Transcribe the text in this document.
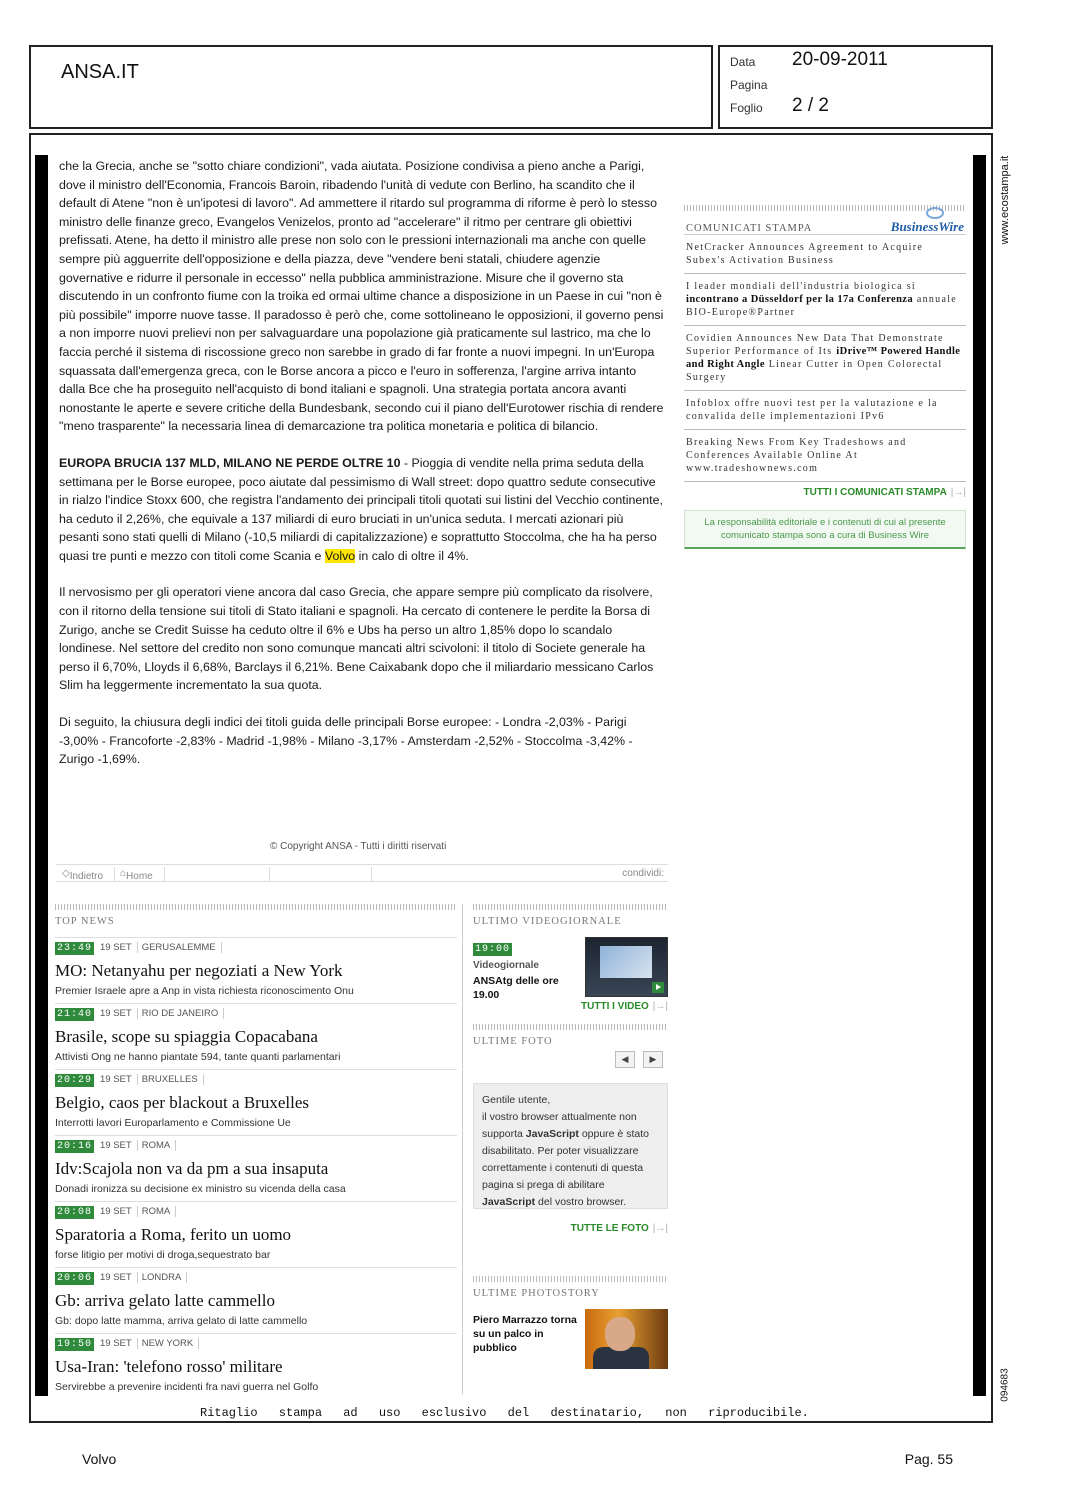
ANSA.IT	Data 20-09-2011
Pagina
Foglio 2 / 2
www.ecostampa.it
094683

che la Grecia, anche se "sotto chiare condizioni", vada aiutata. Posizione condivisa a pieno anche a Parigi, dove il ministro dell'Economia, Francois Baroin, ribadendo l'unità di vedute con Berlino, ha scandito che il default di Atene "non è un'ipotesi di lavoro". Ad ammettere il ritardo sul programma di riforme è però lo stesso ministro delle finanze greco, Evangelos Venizelos, pronto ad "accelerare" il ritmo per centrare gli obiettivi prefissati. Atene, ha detto il ministro alle prese non solo con le pressioni internazionali ma anche con quelle sempre più agguerrite dell'opposizione e della piazza, deve "vendere beni statali, chiudere agenzie governative e ridurre il personale in eccesso" nella pubblica amministrazione. Misure che il governo sta discutendo in un confronto fiume con la troika ed ormai ultime chance a disposizione in un Paese in cui "non è più possibile" imporre nuove tasse. Il paradosso è però che, come sottolineano le opposizioni, il governo pensi a non imporre nuovi prelievi non per salvaguardare una popolazione già praticamente sul lastrico, ma che lo faccia perché il sistema di riscossione greco non sarebbe in grado di far fronte a nuovi impegni. In un'Europa squassata dall'emergenza greca, con le Borse ancora a picco e l'euro in sofferenza, l'argine arriva intanto dalla Bce che ha proseguito nell'acquisto di bond italiani e spagnoli. Una strategia portata ancora avanti nonostante le aperte e severe critiche della Bundesbank, secondo cui il piano dell'Eurotower rischia di rendere "meno trasparente" la necessaria linea di demarcazione tra politica monetaria e politica di bilancio.

EUROPA BRUCIA 137 MLD, MILANO NE PERDE OLTRE 10 - Pioggia di vendite nella prima seduta della settimana per le Borse europee, poco aiutate dal pessimismo di Wall street: dopo quattro sedute consecutive in rialzo l'indice Stoxx 600, che registra l'andamento dei principali titoli quotati sui listini del Vecchio continente, ha ceduto il 2,26%, che equivale a 137 miliardi di euro bruciati in un'unica seduta. I mercati azionari più pesanti sono stati quelli di Milano (-10,5 miliardi di capitalizzazione) e soprattutto Stoccolma, che ha ha perso quasi tre punti e mezzo con titoli come Scania e Volvo in calo di oltre il 4%.

Il nervosismo per gli operatori viene ancora dal caso Grecia, che appare sempre più complicato da risolvere, con il ritorno della tensione sui titoli di Stato italiani e spagnoli. Ha cercato di contenere le perdite la Borsa di Zurigo, anche se Credit Suisse ha ceduto oltre il 6% e Ubs ha perso un altro 1,85% dopo lo scandalo londinese. Nel settore del credito non sono comunque mancati altri scivoloni: il titolo di Societe generale ha perso il 6,70%, Lloyds il 6,68%, Barclays il 6,21%. Bene Caixabank dopo che il miliardario messicano Carlos Slim ha leggermente incrementato la sua quota.

Di seguito, la chiusura degli indici dei titoli guida delle principali Borse europee: - Londra -2,03% - Parigi -3,00% - Francoforte -2,83% - Madrid -1,98% - Milano -3,17% - Amsterdam -2,52% - Stoccolma -3,42% - Zurigo -1,69%.

© Copyright ANSA - Tutti i diritti riservati
◇ Indietro ⌂ Home	condividi:
COMUNICATI STAMPA	BusinessWire
NetCracker Announces Agreement to Acquire Subex's Activation Business
I leader mondiali dell'industria biologica si incontrano a Düsseldorf per la 17a Conferenza annuale BIO-Europe®Partner
Covidien Announces New Data That Demonstrate Superior Performance of Its iDrive™ Powered Handle and Right Angle Linear Cutter in Open Colorectal Surgery
Infoblox offre nuovi test per la valutazione e la convalida delle implementazioni IPv6
Breaking News From Key Tradeshows and Conferences Available Online At www.tradeshownews.com
TUTTI I COMUNICATI STAMPA |→|
La responsabilità editoriale e i contenuti di cui al presente comunicato stampa sono a cura di Business Wire
TOP NEWS
23:49 19 SET GERUSALEMME
MO: Netanyahu per negoziati a New York
Premier Israele apre a Anp in vista richiesta riconoscimento Onu
21:40 19 SET RIO DE JANEIRO
Brasile, scope su spiaggia Copacabana
Attivisti Ong ne hanno piantate 594, tante quanti parlamentari
20:29 19 SET BRUXELLES
Belgio, caos per blackout a Bruxelles
Interrotti lavori Europarlamento e Commissione Ue
20:16 19 SET ROMA
Idv:Scajola non va da pm a sua insaputa
Donadi ironizza su decisione ex ministro su vicenda della casa
20:08 19 SET ROMA
Sparatoria a Roma, ferito un uomo
forse litigio per motivi di droga,sequestrato bar
20:06 19 SET LONDRA
Gb: arriva gelato latte cammello
Gb: dopo latte mamma, arriva gelato di latte cammello
19:50 19 SET NEW YORK
Usa-Iran: 'telefono rosso' militare
Servirebbe a prevenire incidenti fra navi guerra nel Golfo
ULTIMO VIDEOGIORNALE
19:00
Videogiornale
ANSAtg delle ore 19.00
TUTTI I VIDEO |→|
ULTIME FOTO
◀	▶
Gentile utente,
il vostro browser attualmente non supporta JavaScript oppure è stato disabilitato. Per poter visualizzare correttamente i contenuti di questa pagina si prega di abilitare JavaScript del vostro browser.
TUTTE LE FOTO |→|
ULTIME PHOTOSTORY
Piero Marrazzo torna su un palco in pubblico
Ritaglio stampa ad uso esclusivo del destinatario, non riproducibile.
Volvo	Pag. 55
